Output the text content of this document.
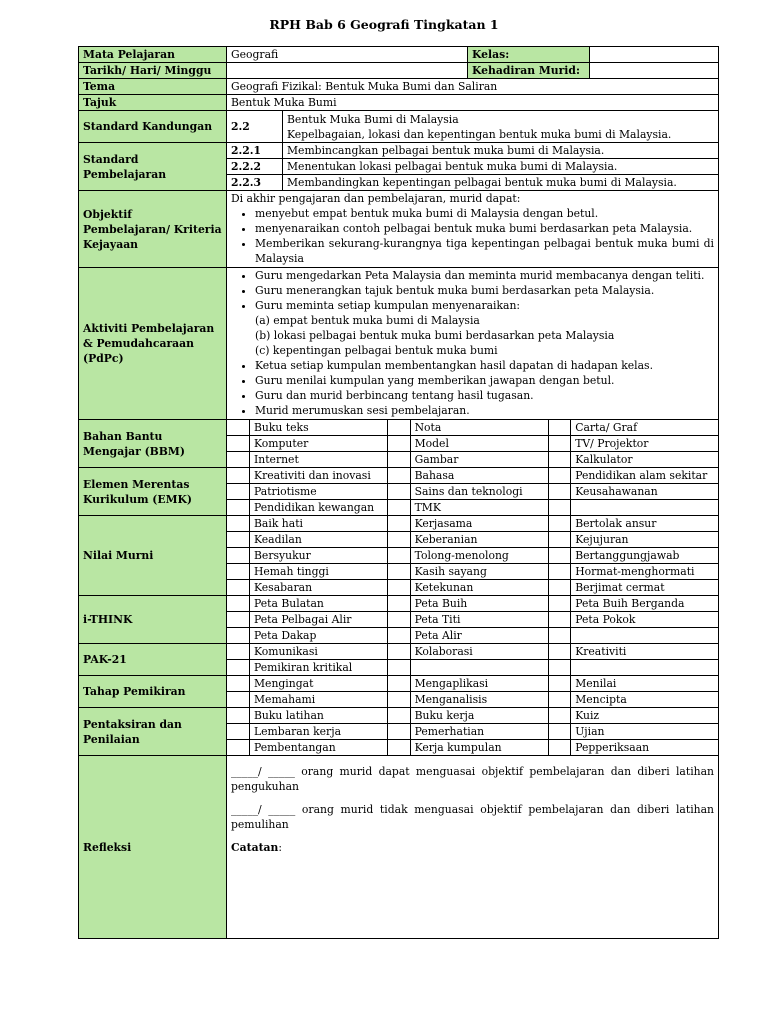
RPH Bab 6 Geografi Tingkatan 1
Mata Pelajaran	Geografi	Kelas:	
Tarikh/ Hari/ Minggu		Kehadiran Murid:	
Tema	Geografi Fizikal: Bentuk Muka Bumi dan Saliran
Tajuk	Bentuk Muka Bumi
Standard Kandungan	2.2	
Bentuk Muka Bumi di Malaysia
Kepelbagaian, lokasi dan kepentingan bentuk muka bumi di Malaysia.

Standard Pembelajaran	2.2.1	Membincangkan pelbagai bentuk muka bumi di Malaysia.
2.2.2	Menentukan lokasi pelbagai bentuk muka bumi di Malaysia.
2.2.3	Membandingkan kepentingan pelbagai bentuk muka bumi di Malaysia.
Objektif Pembelajaran/ Kriteria Kejayaan	
Di akhir pengajaran dan pembelajaran, murid dapat:
• menyebut empat bentuk muka bumi di Malaysia dengan betul.
• menyenaraikan contoh pelbagai bentuk muka bumi berdasarkan peta Malaysia.
• Memberikan sekurang-kurangnya tiga kepentingan pelbagai bentuk muka bumi di Malaysia

Aktiviti Pembelajaran & Pemudahcaraan (PdPc)	
• Guru mengedarkan Peta Malaysia dan meminta murid membacanya dengan teliti.
• Guru menerangkan tajuk bentuk muka bumi berdasarkan peta Malaysia.
• Guru meminta setiap kumpulan menyenaraikan:
(a) empat bentuk muka bumi di Malaysia
(b) lokasi pelbagai bentuk muka bumi berdasarkan peta Malaysia
(c) kepentingan pelbagai bentuk muka bumi
• Ketua setiap kumpulan membentangkan hasil dapatan di hadapan kelas.
• Guru menilai kumpulan yang memberikan jawapan dengan betul.
• Guru dan murid berbincang tentang hasil tugasan.
• Murid merumuskan sesi pembelajaran.

Bahan Bantu Mengajar (BBM)	
	Buku teks		Nota		Carta/ Graf
	Komputer		Model		TV/ Projektor
	Internet		Gambar		Kalkulator

Elemen Merentas Kurikulum (EMK)	
	Kreativiti dan inovasi		Bahasa		Pendidikan alam sekitar
	Patriotisme		Sains dan teknologi		Keusahawanan
	Pendidikan kewangan		TMK		

Nilai Murni	
	Baik hati		Kerjasama		Bertolak ansur
	Keadilan		Keberanian		Kejujuran
	Bersyukur		Tolong-menolong		Bertanggungjawab
	Hemah tinggi		Kasih sayang		Hormat-menghormati
	Kesabaran		Ketekunan		Berjimat cermat

i-THINK	
	Peta Bulatan		Peta Buih		Peta Buih Berganda
	Peta Pelbagai Alir		Peta Titi		Peta Pokok
	Peta Dakap		Peta Alir		

PAK-21	
	Komunikasi		Kolaborasi		Kreativiti
	Pemikiran kritikal				

Tahap Pemikiran	
	Mengingat		Mengaplikasi		Menilai
	Memahami		Menganalisis		Mencipta

Pentaksiran dan Penilaian	
	Buku latihan		Buku kerja		Kuiz
	Lembaran kerja		Pemerhatian		Ujian
	Pembentangan		Kerja kumpulan		Pepperiksaan

Refleksi	

_____/ _____ orang murid dapat menguasai objektif pembelajaran dan diberi latihan pengukuhan

_____/ _____ orang murid tidak menguasai objektif pembelajaran dan diberi latihan pemulihan

Catatan:
